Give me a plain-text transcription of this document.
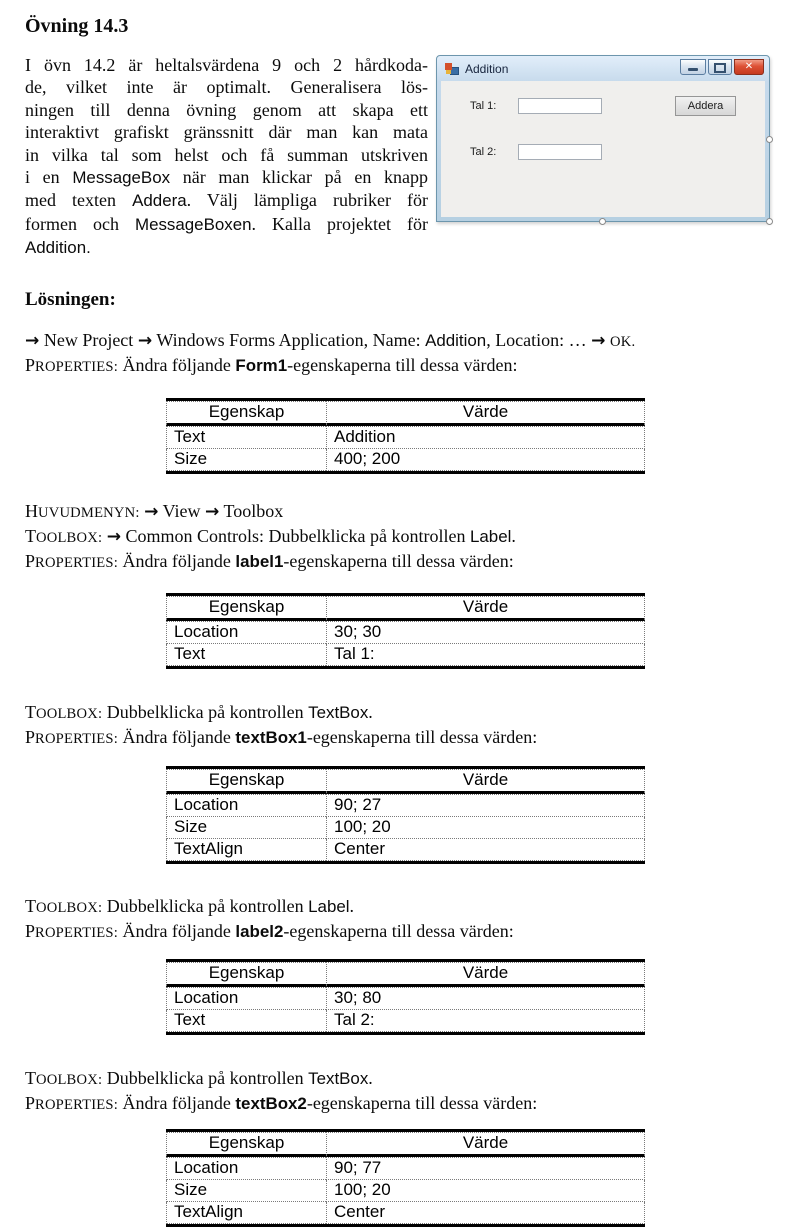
Övning 14.3
I övn 14.2 är heltalsvärdena 9 och 2 hårdkoda-
de, vilket inte är optimalt. Generalisera lös-
ningen till denna övning genom att skapa ett
interaktivt grafiskt gränssnitt där man kan mata
in vilka tal som helst och få summan utskriven
i en MessageBox när man klickar på en knapp
med texten Addera. Välj lämpliga rubriker för
formen och MessageBoxen. Kalla projektet för
Addition.
Addition	✕
Tal 1:	Addera
Tal 2:
Lösningen:
→ New Project → Windows Forms Application, Name: Addition, Location: … → OK.
PROPERTIES: Ändra följande Form1-egenskaperna till dessa värden:
Egenskap	Värde
Text	Addition
Size	400; 200
HUVUDMENYN: → View → Toolbox
TOOLBOX: → Common Controls: Dubbelklicka på kontrollen Label.
PROPERTIES: Ändra följande label1-egenskaperna till dessa värden:
Egenskap	Värde
Location	30; 30
Text	Tal 1:
TOOLBOX: Dubbelklicka på kontrollen TextBox.
PROPERTIES: Ändra följande textBox1-egenskaperna till dessa värden:
Egenskap	Värde
Location	90; 27
Size	100; 20
TextAlign	Center
TOOLBOX: Dubbelklicka på kontrollen Label.
PROPERTIES: Ändra följande label2-egenskaperna till dessa värden:
Egenskap	Värde
Location	30; 80
Text	Tal 2:
TOOLBOX: Dubbelklicka på kontrollen TextBox.
PROPERTIES: Ändra följande textBox2-egenskaperna till dessa värden:
Egenskap	Värde
Location	90; 77
Size	100; 20
TextAlign	Center
